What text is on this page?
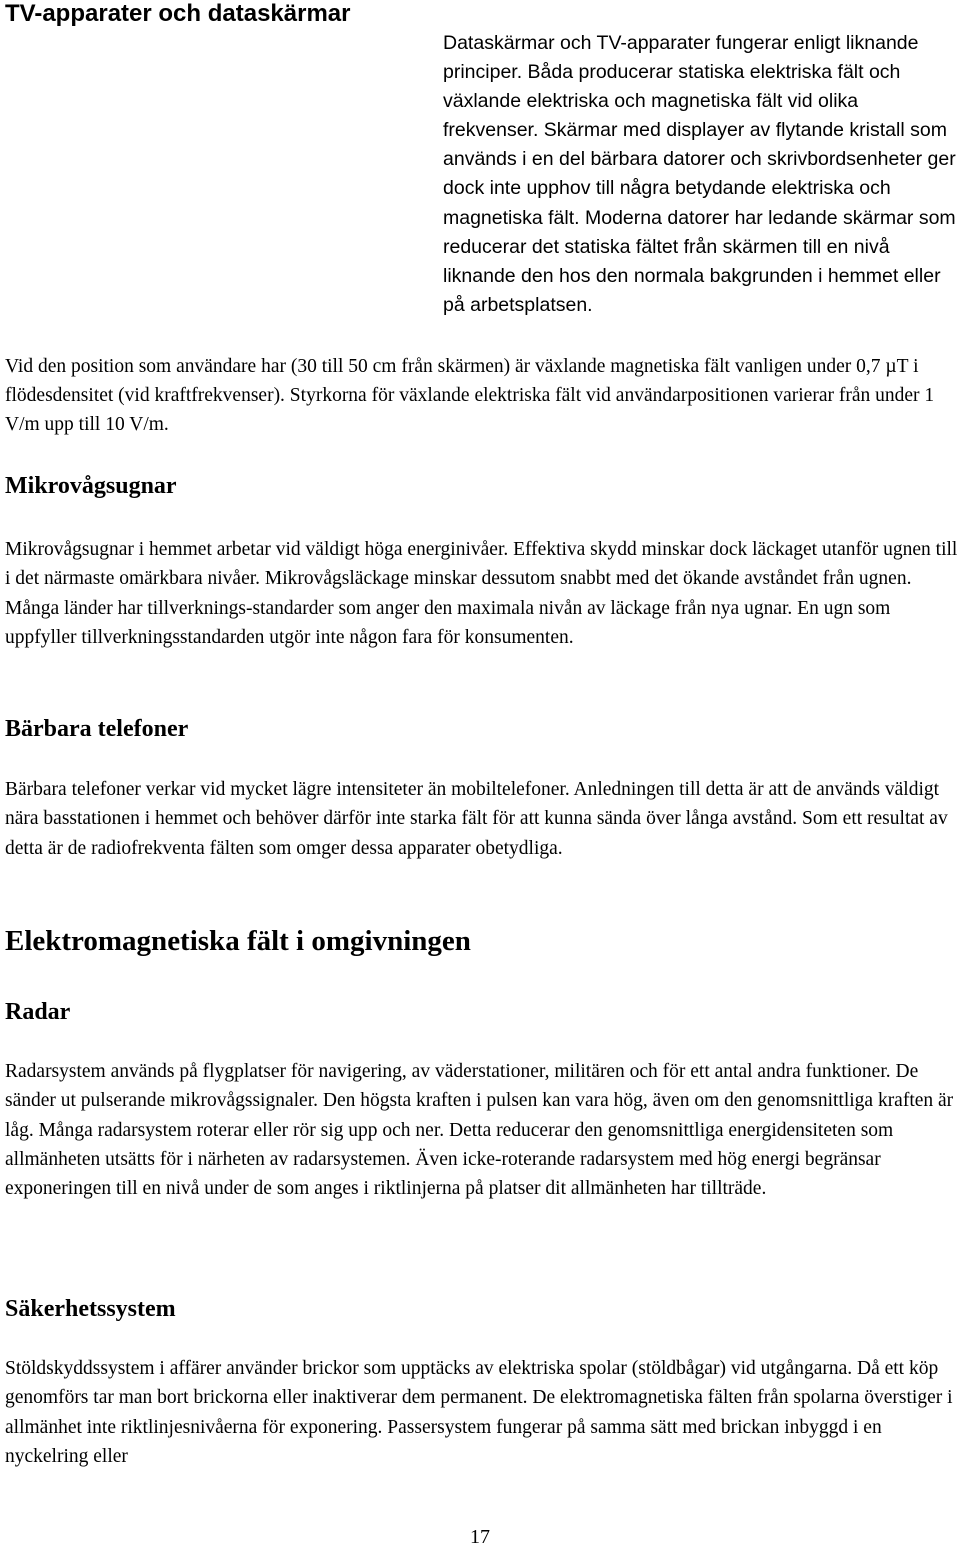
TV-apparater och dataskärmar

Dataskärmar och TV-apparater fungerar enligt liknande principer. Båda producerar statiska elektriska fält och växlande elektriska och magnetiska fält vid olika frekvenser. Skärmar med displayer av flytande kristall som används i en del bärbara datorer och skrivbordsenheter ger dock inte upphov till några betydande elektriska och magnetiska fält. Moderna datorer har ledande skärmar som reducerar det statiska fältet från skärmen till en nivå liknande den hos den normala bakgrunden i hemmet eller på arbetsplatsen.

Vid den position som användare har (30 till 50 cm från skärmen) är växlande magnetiska fält vanligen under 0,7 µT i flödesdensitet (vid kraftfrekvenser). Styrkorna för växlande elektriska fält vid användarpositionen varierar från under 1 V/m upp till 10 V/m.

Mikrovågsugnar

Mikrovågsugnar i hemmet arbetar vid väldigt höga energinivåer. Effektiva skydd minskar dock läckaget utanför ugnen till i det närmaste omärkbara nivåer. Mikrovågsläckage minskar dessutom snabbt med det ökande avståndet från ugnen. Många länder har tillverknings-standarder som anger den maximala nivån av läckage från nya ugnar. En ugn som uppfyller tillverkningsstandarden utgör inte någon fara för konsumenten.

Bärbara telefoner

Bärbara telefoner verkar vid mycket lägre intensiteter än mobiltelefoner. Anledningen till detta är att de används väldigt nära basstationen i hemmet och behöver därför inte starka fält för att kunna sända över långa avstånd. Som ett resultat av detta är de radiofrekventa fälten som omger dessa apparater obetydliga.

Elektromagnetiska fält i omgivningen
Radar

Radarsystem används på flygplatser för navigering, av väderstationer, militären och för ett antal andra funktioner. De sänder ut pulserande mikrovågssignaler. Den högsta kraften i pulsen kan vara hög, även om den genomsnittliga kraften är låg. Många radarsystem roterar eller rör sig upp och ner. Detta reducerar den genomsnittliga energidensiteten som allmänheten utsätts för i närheten av radarsystemen. Även icke-roterande radarsystem med hög energi begränsar exponeringen till en nivå under de som anges i riktlinjerna på platser dit allmänheten har tillträde.

Säkerhetssystem

Stöldskyddssystem i affärer använder brickor som upptäcks av elektriska spolar (stöldbågar) vid utgångarna. Då ett köp genomförs tar man bort brickorna eller inaktiverar dem permanent. De elektromagnetiska fälten från spolarna överstiger i allmänhet inte riktlinjesnivåerna för exponering. Passersystem fungerar på samma sätt med brickan inbyggd i en nyckelring eller

17
